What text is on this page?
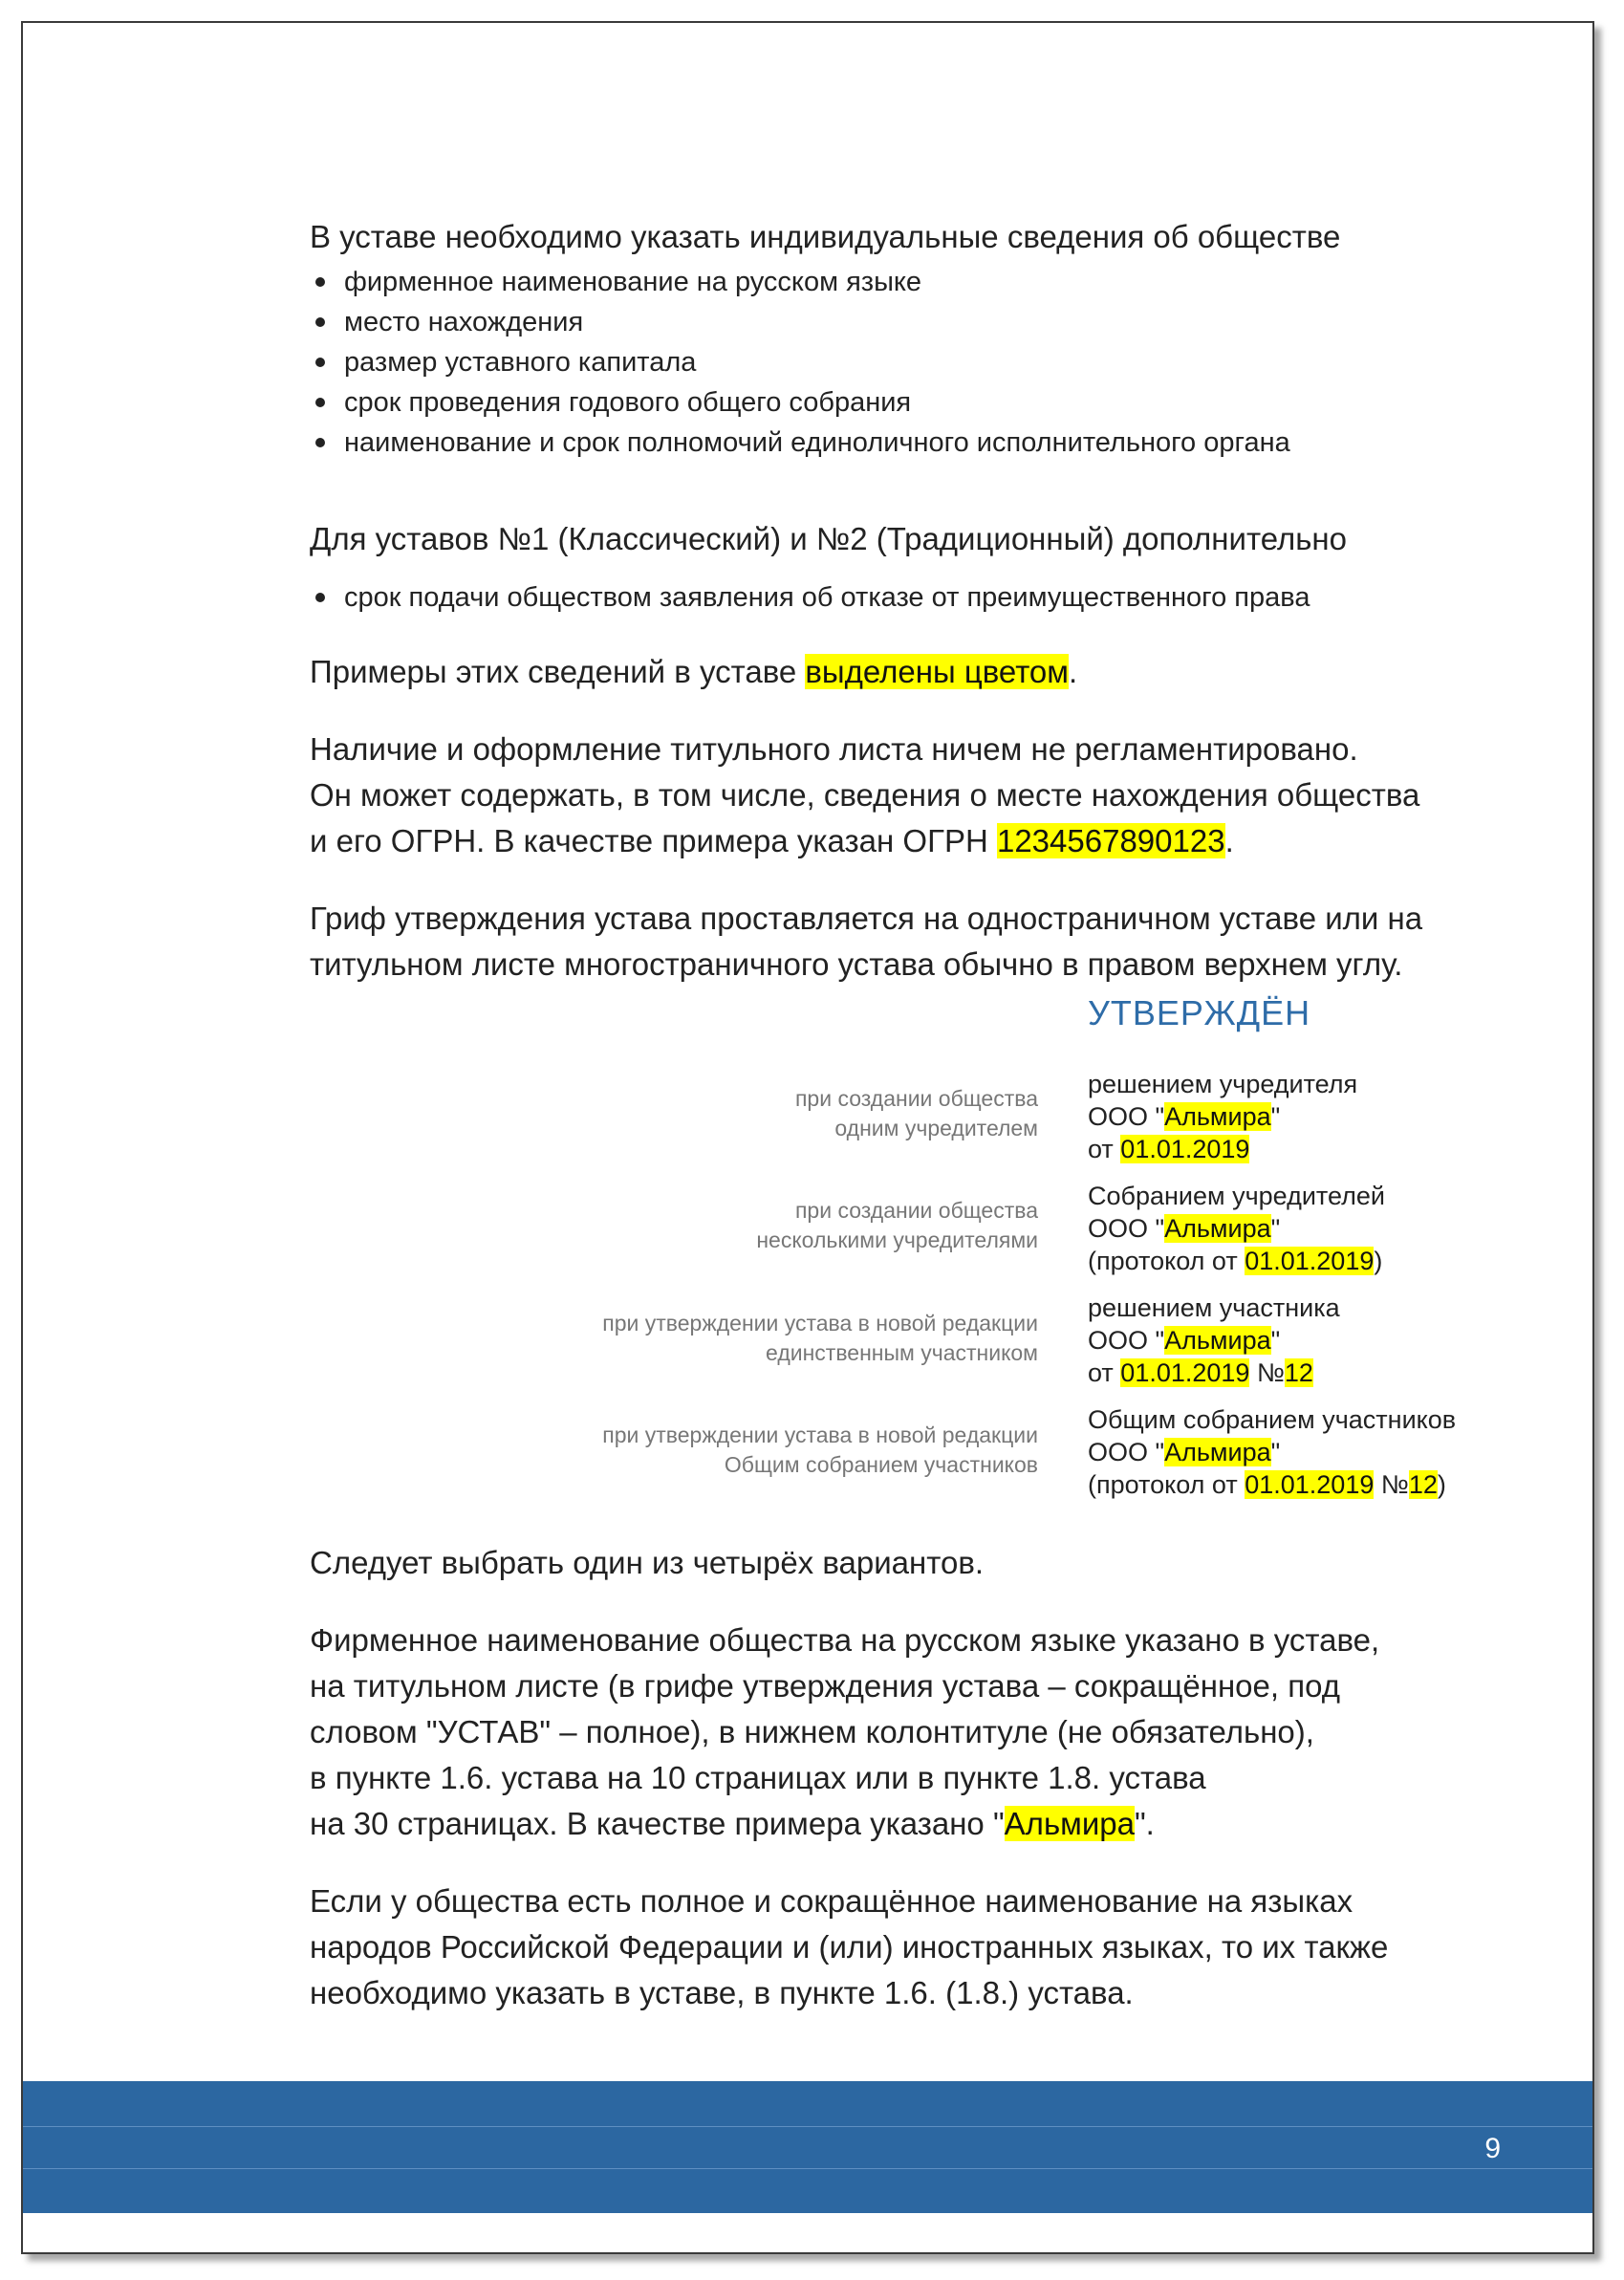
В уставе необходимо указать индивидуальные сведения об обществе

фирменное наименование на русском языке
место нахождения
размер уставного капитала
срок проведения годового общего собрания
наименование и срок полномочий единоличного исполнительного органа

Для уставов №1 (Классический) и №2 (Традиционный) дополнительно

срок подачи обществом заявления об отказе от преимущественного права

Примеры этих сведений в уставе выделены цветом.

Наличие и оформление титульного листа ничем не регламентировано.

Он может содержать, в том числе, сведения о месте нахождения общества

и его ОГРН. В качестве примера указан ОГРН 1234567890123.

Гриф утверждения устава проставляется на одностраничном уставе или на

титульном листе многостраничного устава обычно в правом верхнем углу.

Следует выбрать один из четырёх вариантов.

Фирменное наименование общества на русском языке указано в уставе,

на титульном листе (в грифе утверждения устава – сокращённое, под

словом "УСТАВ" – полное), в нижнем колонтитуле (не обязательно),

в пункте 1.6. устава на 10 страницах или в пункте 1.8. устава

на 30 страницах. В качестве примера указано "Альмира".

Если у общества есть полное и сокращённое наименование на языках

народов Российской Федерации и (или) иностранных языках, то их также

необходимо указать в уставе, в пункте 1.6. (1.8.) устава.

УТВЕРЖДЁН
при создании общества
одним учредителем
решением учредителя
ООО "Альмира"
от 01.01.2019
при создании общества
несколькими учредителями
Собранием учредителей
ООО "Альмира"
(протокол от 01.01.2019)
при утверждении устава в новой редакции
единственным участником
решением участника
ООО "Альмира"
от 01.01.2019 №12
при утверждении устава в новой редакции
Общим собранием участников
Общим собранием участников
ООО "Альмира"
(протокол от 01.01.2019 №12)
9
